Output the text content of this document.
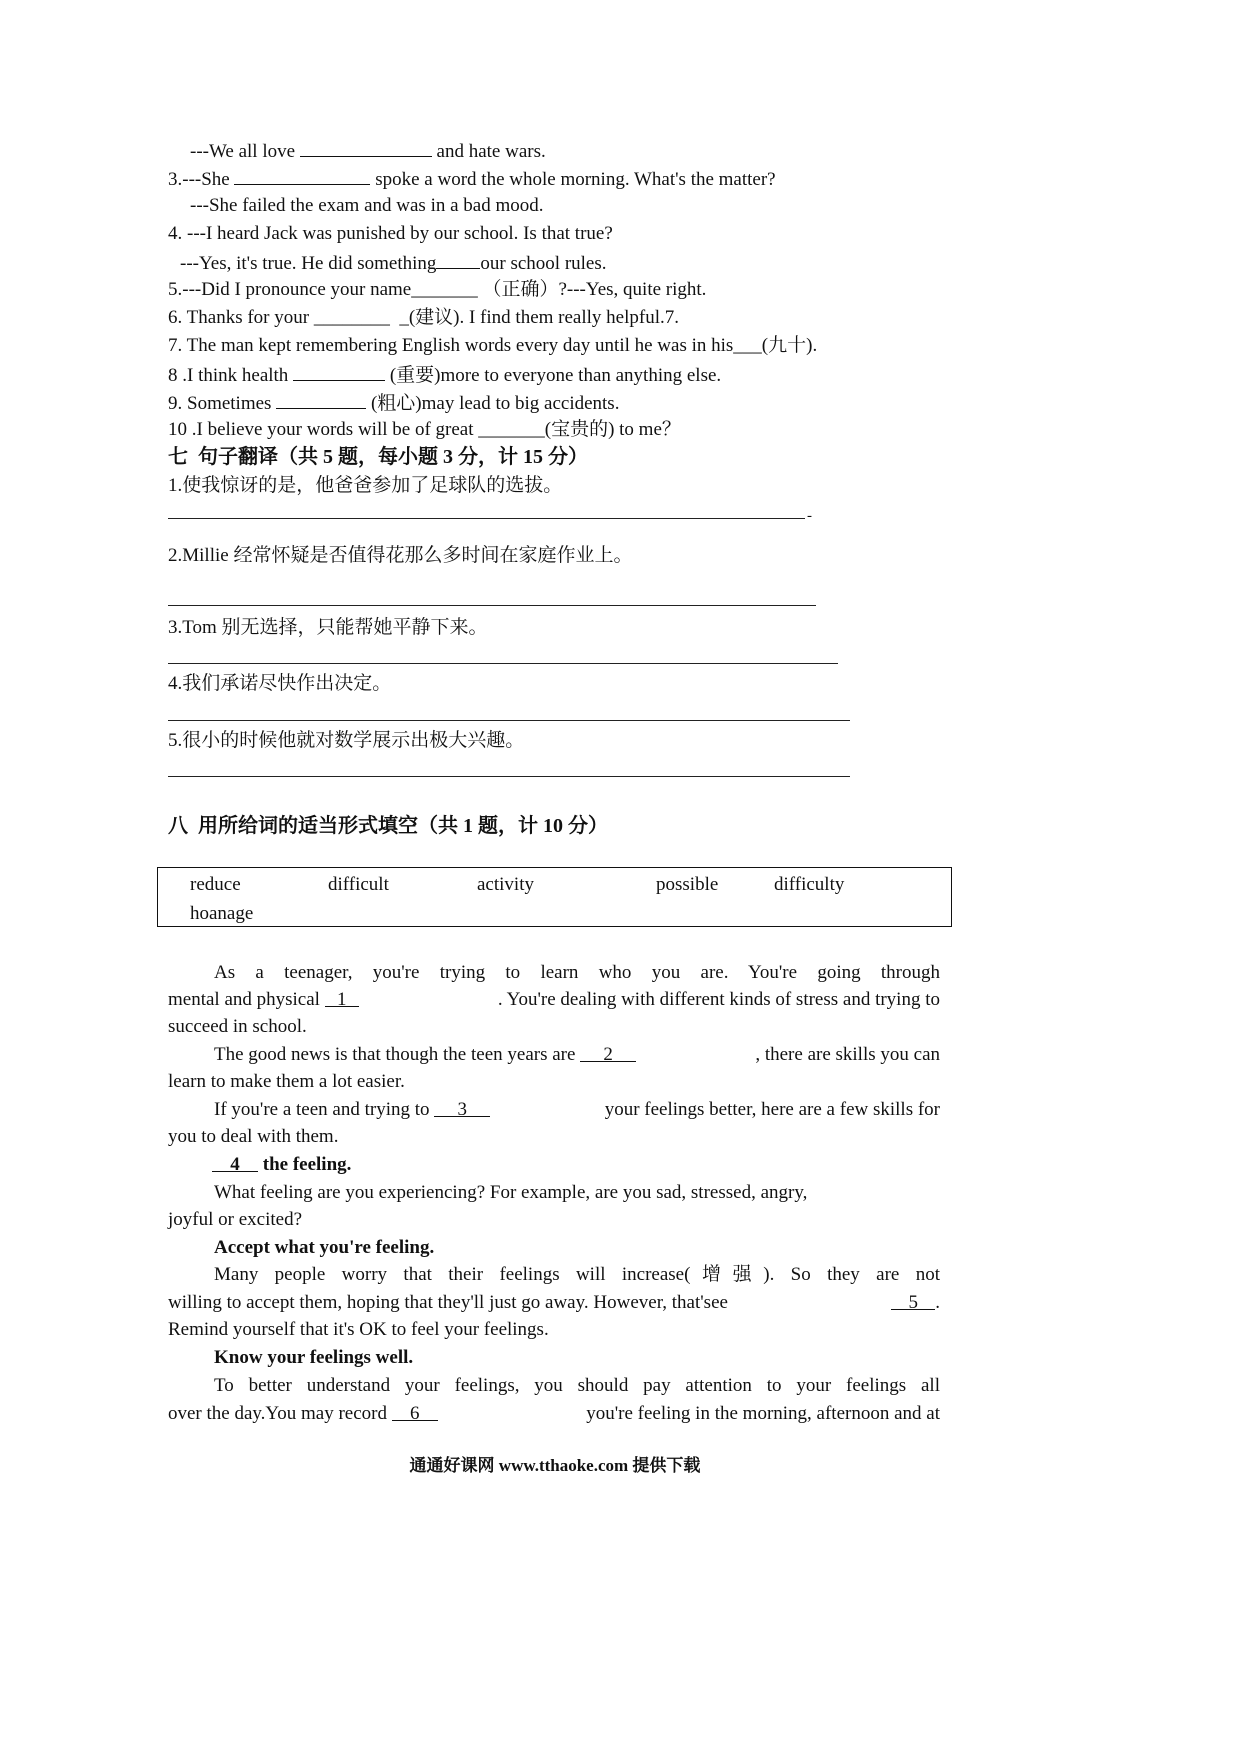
---We all love	and hate wars.
3.---She	spoke a word the whole morning. What's the matter?
---She failed the exam and was in a bad mood.
4. ---I heard Jack was punished by our school. Is that true?
---Yes, it's true. He did something our school rules.
5.---Did I pronounce your name_______ （正确）?---Yes, quite right.
6. Thanks for your ________  _(建议). I find them really helpful.7.
7. The man kept remembering English words every day until he was in his___(九十).
8 .I think health	(重要)more to everyone than anything else.
9. Sometimes	(粗心)may lead to big accidents.
10 .I believe your words will be of great _______(宝贵的) to me？
七  句子翻译（共 5 题，每小题 3 分，计 15 分）
1.使我惊讶的是，他爸爸参加了足球队的选拔。
-
2.Millie 经常怀疑是否值得花那么多时间在家庭作业上。
3.Tom 别无选择，只能帮她平静下来。
4.我们承诺尽快作出决定。
5.很小的时候他就对数学展示出极大兴趣。
八  用所给词的适当形式填空（共 1 题，计 10 分）
reduce	difficult	activity	possible	difficulty
hoanage
As a teenager, you're trying to learn who you are. You're going through
mental and physical 1	. You're dealing with different kinds of stress and trying to
succeed in school.
The good news is that though the teen years are 2	, there are skills you can
learn to make them a lot easier.
If you're a teen and trying to 3	your feelings better, here are a few skills for
you to deal with them.
4 the feeling.
What feeling are you experiencing? For example, are you sad, stressed, angry,
joyful or excited?
Accept what you're feeling.
Many people worry that their feelings will increase(增强). So they are not
willing to accept them, hoping that they'll just go away. However, that'see	5 .
Remind yourself that it's OK to feel your feelings.
Know your feelings well.
To better understand your feelings, you should pay attention to your feelings all
over the day.You may record 6	you're feeling in the morning, afternoon and at
通通好课网 www.tthaoke.com 提供下载
